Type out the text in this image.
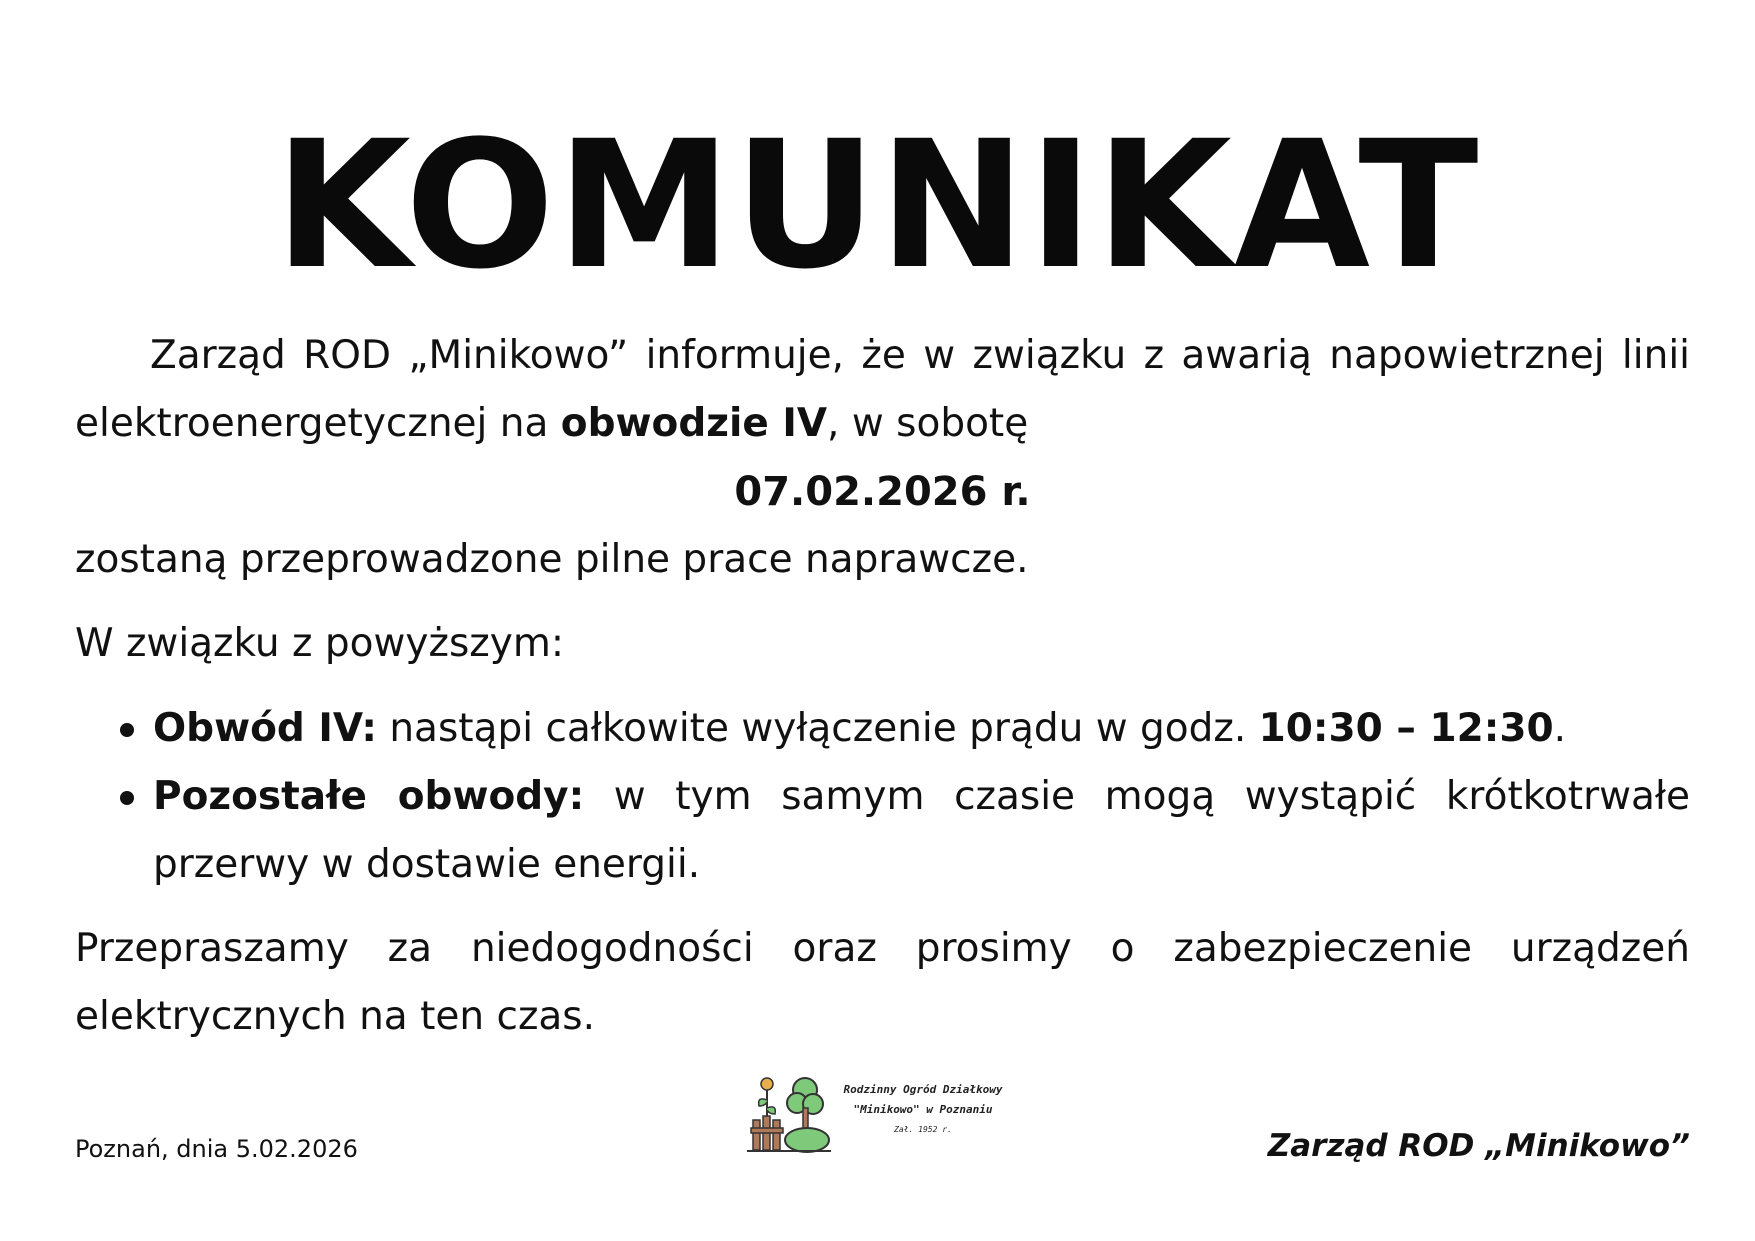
KOMUNIKAT
Zarząd ROD „Minikowo” informuje, że w związku z awarią napowietrznej linii elektroenergetycznej na obwodzie IV, w sobotę
07.02.2026 r.
zostaną przeprowadzone pilne prace naprawcze.
W związku z powyższym:
Obwód IV: nastąpi całkowite wyłączenie prądu w godz. 10:30 – 12:30.
Pozostałe obwody: w tym samym czasie mogą wystąpić krótkotrwałe przerwy w dostawie energii.
Przepraszamy za niedogodności oraz prosimy o zabezpieczenie urządzeń elektrycznych na ten czas.
Poznań, dnia 5.02.2026
Rodzinny Ogród Działkowy
"Minikowo" w Poznaniu
Zał. 1952 r.	Zarząd ROD „Minikowo”
